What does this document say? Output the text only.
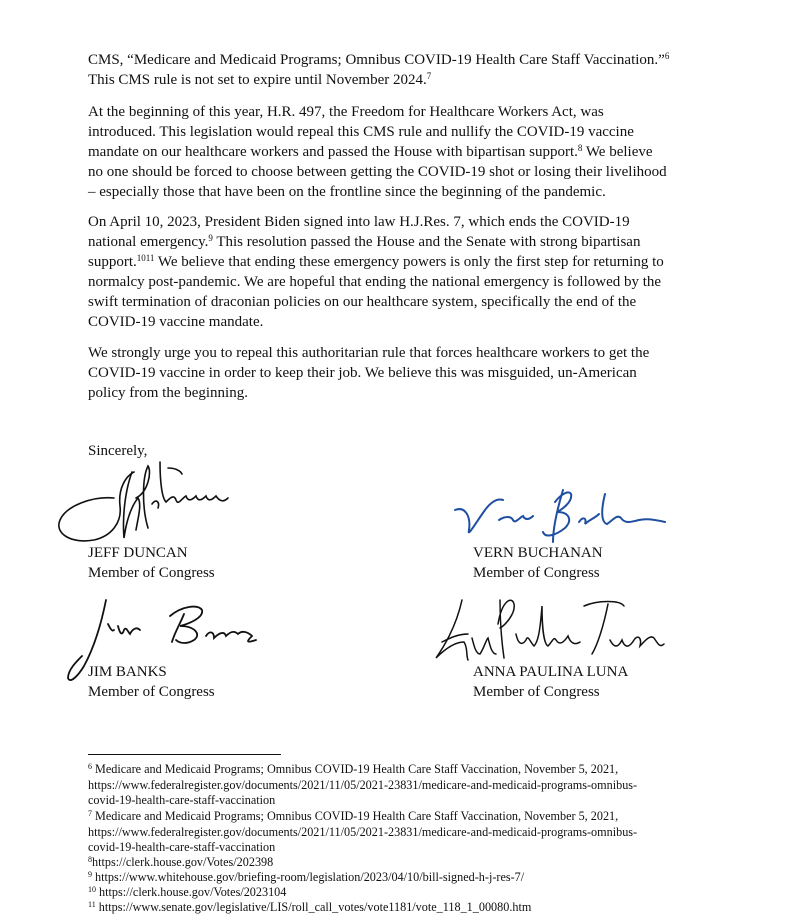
CMS, “Medicare and Medicaid Programs; Omnibus COVID-19 Health Care Staff Vaccination.”$^6$
This CMS rule is not set to expire until November 2024.$^7$

At the beginning of this year, H.R. 497, the Freedom for Healthcare Workers Act, was
introduced. This legislation would repeal this CMS rule and nullify the COVID-19 vaccine
mandate on our healthcare workers and passed the House with bipartisan support.$^8$ We believe
no one should be forced to choose between getting the COVID-19 shot or losing their livelihood
– especially those that have been on the frontline since the beginning of the pandemic.

On April 10, 2023, President Biden signed into law H.J.Res. 7, which ends the COVID-19
national emergency.$^9$ This resolution passed the House and the Senate with strong bipartisan
support.$^{1011}$ We believe that ending these emergency powers is only the first step for returning to
normalcy post-pandemic. We are hopeful that ending the national emergency is followed by the
swift termination of draconian policies on our healthcare system, specifically the end of the
COVID-19 vaccine mandate.

We strongly urge you to repeal this authoritarian rule that forces healthcare workers to get the
COVID-19 vaccine in order to keep their job. We believe this was misguided, un-American
policy from the beginning.

Sincerely,
JEFF DUNCAN
Member of Congress
VERN BUCHANAN
Member of Congress
JIM BANKS
Member of Congress
ANNA PAULINA LUNA
Member of Congress
$^6$ Medicare and Medicaid Programs; Omnibus COVID-19 Health Care Staff Vaccination, November 5, 2021,
https://www.federalregister.gov/documents/2021/11/05/2021-23831/medicare-and-medicaid-programs-omnibus-
covid-19-health-care-staff-vaccination
$^7$ Medicare and Medicaid Programs; Omnibus COVID-19 Health Care Staff Vaccination, November 5, 2021,
https://www.federalregister.gov/documents/2021/11/05/2021-23831/medicare-and-medicaid-programs-omnibus-
covid-19-health-care-staff-vaccination
$^8$https://clerk.house.gov/Votes/202398
$^9$ https://www.whitehouse.gov/briefing-room/legislation/2023/04/10/bill-signed-h-j-res-7/
$^{10}$ https://clerk.house.gov/Votes/2023104
$^{11}$ https://www.senate.gov/legislative/LIS/roll_call_votes/vote1181/vote_118_1_00080.htm
